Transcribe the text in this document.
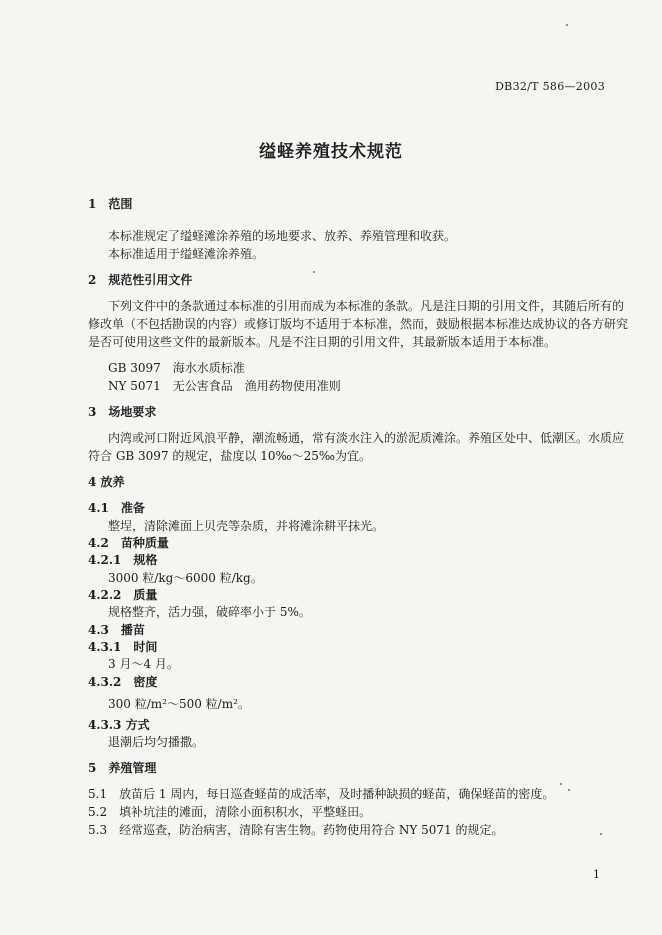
DB32/T 586—2003
缢蛏养殖技术规范
1　范围
本标准规定了缢蛏滩涂养殖的场地要求、放养、养殖管理和收获。
本标准适用于缢蛏滩涂养殖。
2　规范性引用文件
下列文件中的条款通过本标准的引用而成为本标准的条款。凡是注日期的引用文件，其随后所有的
修改单（不包括勘误的内容）或修订版均不适用于本标准，然而，鼓励根据本标准达成协议的各方研究
是否可使用这些文件的最新版本。凡是不注日期的引用文件，其最新版本适用于本标准。
GB 3097　海水水质标准
NY 5071　无公害食品　渔用药物使用准则
3　场地要求
内湾或河口附近风浪平静，潮流畅通，常有淡水注入的淤泥质滩涂。养殖区处中、低潮区。水质应
符合 GB 3097 的规定，盐度以 10‰～25‰为宜。
4 放养
4.1　准备
整埕，清除滩面上贝壳等杂质，并将滩涂耕平抹光。
4.2　苗种质量
4.2.1　规格
3000 粒/kg～6000 粒/kg。
4.2.2　质量
规格整齐，活力强，破碎率小于 5%。
4.3　播苗
4.3.1　时间
3 月～4 月。
4.3.2　密度
300 粒/m²～500 粒/m²。
4.3.3 方式
退潮后均匀播撒。
5　养殖管理
5.1　放苗后 1 周内，每日巡查蛏苗的成活率，及时播种缺损的蛏苗，确保蛏苗的密度。
5.2　填补坑洼的滩面，清除小面积积水，平整蛏田。
5.3　经常巡查，防治病害，清除有害生物。药物使用符合 NY 5071 的规定。
1
